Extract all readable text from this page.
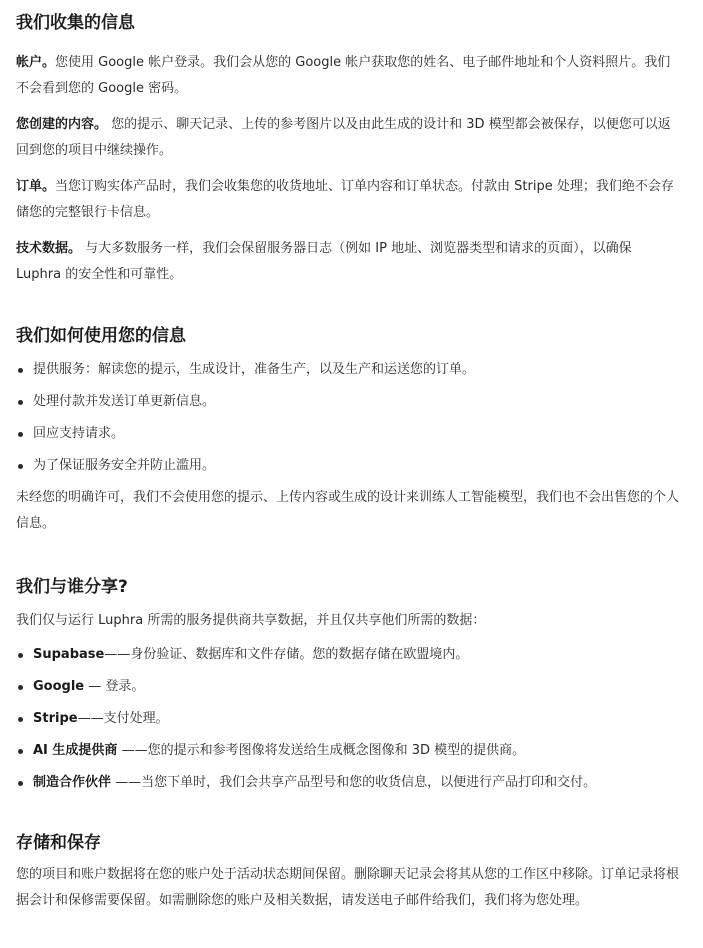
我们收集的信息

帐户。您使用 Google 帐户登录。我们会从您的 Google 帐户获取您的姓名、电子邮件地址和个人资料照片。我们不会看到您的 Google 密码。

您创建的内容。 您的提示、聊天记录、上传的参考图片以及由此生成的设计和 3D 模型都会被保存，以便您可以返回到您的项目中继续操作。

订单。当您订购实体产品时，我们会收集您的收货地址、订单内容和订单状态。付款由 Stripe 处理；我们绝不会存储您的完整银行卡信息。

技术数据。 与大多数服务一样，我们会保留服务器日志（例如 IP 地址、浏览器类型和请求的页面），以确保 Luphra 的安全性和可靠性。

我们如何使用您的信息
提供服务：解读您的提示，生成设计，准备生产，以及生产和运送您的订单。
处理付款并发送订单更新信息。
回应支持请求。
为了保证服务安全并防止滥用。

未经您的明确许可，我们不会使用您的提示、上传内容或生成的设计来训练人工智能模型，我们也不会出售您的个人信息。

我们与谁分享?

我们仅与运行 Luphra 所需的服务提供商共享数据，并且仅共享他们所需的数据：

Supabase——身份验证、数据库和文件存储。您的数据存储在欧盟境内。
Google — 登录。
Stripe——支付处理。
AI 生成提供商 ——您的提示和参考图像将发送给生成概念图像和 3D 模型的提供商。
制造合作伙伴 ——当您下单时，我们会共享产品型号和您的收货信息，以便进行产品打印和交付。
存储和保存

您的项目和账户数据将在您的账户处于活动状态期间保留。删除聊天记录会将其从您的工作区中移除。订单记录将根据会计和保修需要保留。如需删除您的账户及相关数据，请发送电子邮件给我们，我们将为您处理。
